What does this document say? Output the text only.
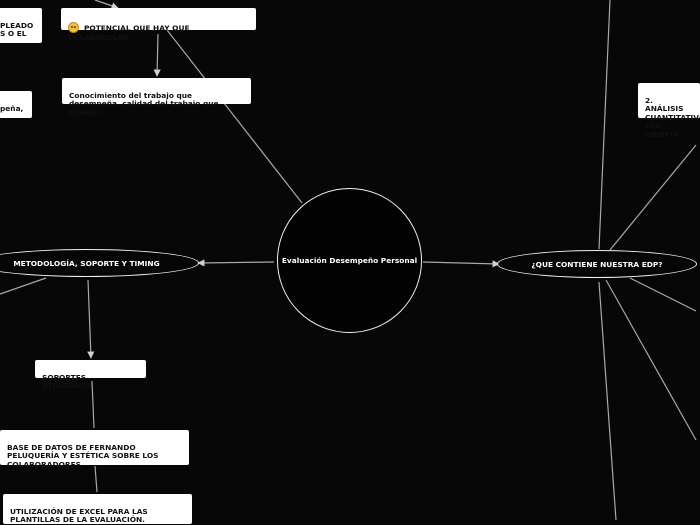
Evaluación Desempeño Personal
METODOLOGÍA, SOPORTE Y TIMING	¿QUE CONTIENE NUESTRA EDP?

POTENCIAL QUE HAY QUE DESARROLLAR.

Conocimiento del trabajo que desempeña, calidad del trabajo que realiza...

PLEADO
S O EL

peña,

SOPORTES UTILIZADOS.

BASE DE DATOS DE FERNANDO PELUQUERÍA Y ESTÉTICA SOBRE LOS COLABORADORES.

UTILIZACIÓN DE EXCEL PARA LAS PLANTILLAS DE LA EVALUACIÓN.

2. ANÁLISIS
CUANTITATIV
LOS OBJETIV
